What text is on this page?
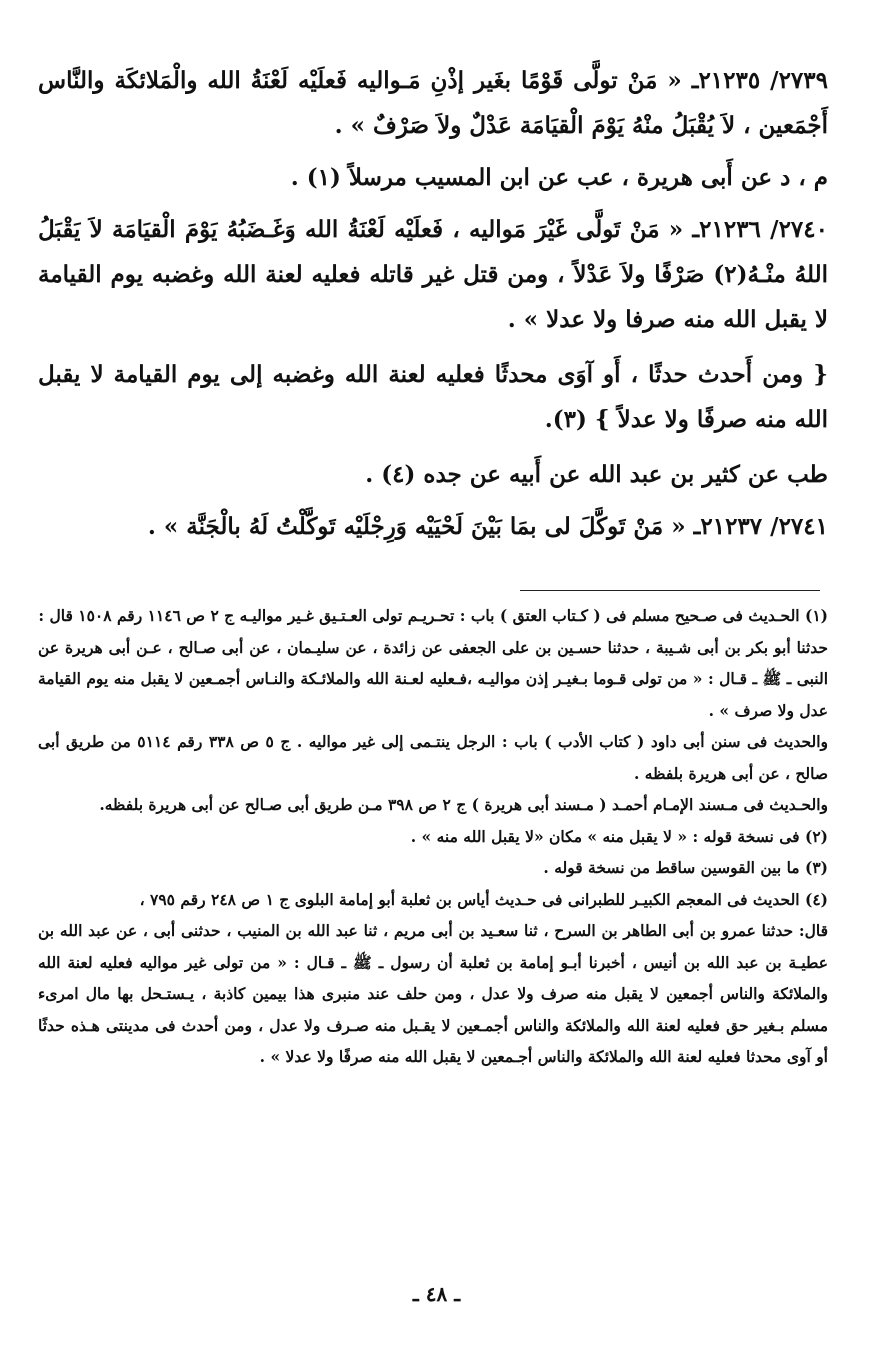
٢٧٣٩/ ٢١٢٣٥ـ « مَنْ تولَّى قَوْمًا بغَير إذْنِ مَـواليه فَعلَيْه لَعْنَةُ الله والْمَلائكَة والنَّاس أَجْمَعين ، لاَ يُقْبَلُ منْهُ يَوْمَ الْقيَامَة عَدْلٌ ولاَ صَرْفٌ » .

م ، د عن أَبى هريرة ، عب عن ابن المسيب مرسلاً (١) .

٢٧٤٠/ ٢١٢٣٦ـ « مَنْ تَولَّى غَيْرَ مَواليه ، فَعلَيْه لَعْنَةُ الله وَغَـضَبُهُ يَوْمَ الْقيَامَة لاَ يَقْبَلُ اللهُ منْـهُ(٢) صَرْفًا ولاَ عَدْلاً ، ومن قتل غير قاتله فعليه لعنة الله وغضبه يوم القيامة لا يقبل الله منه صرفا ولا عدلا » .

{ ومن أَحدث حدثًا ، أَو آوَى محدثًا فعليه لعنة الله وغضبه إلى يوم القيامة لا يقبل الله منه صرفًا ولا عدلاً } (٣).

طب عن كثير بن عبد الله عن أَبيه عن جده (٤) .

٢٧٤١/ ٢١٢٣٧ـ « مَنْ تَوكَّلَ لى بمَا بَيْنَ لَحْيَيْه وَرِجْلَيْه تَوكَّلْتُ لَهُ بالْجَنَّة » .

(١) الحـديث فى صـحيح مسلم فى ( كـتاب العتق ) باب : تحـريـم تولى العـتـيق غـير مواليـه ج ٢ ص ١١٤٦ رقم ١٥٠٨ قال :

حدثنا أبو بكر بن أبى شـيبة ، حدثنا حسـين بن على الجعفى عن زائدة ، عن سليـمان ، عن أبى صـالح ، عـن أبى هريرة عن النبى ـ ﷺ ـ قـال : « من تولى قـوما بـغيـر إذن مواليـه ،فـعليه لعـنة الله والملائـكة والنـاس أجمـعين لا يقبل منه يوم القيامة عدل ولا صرف » .

والحديث فى سنن أبى داود ( كتاب الأدب ) باب : الرجل ينتـمى إلى غير مواليه . ج ٥ ص ٣٣٨ رقم ٥١١٤ من طريق أبى صالح ، عن أبى هريرة بلفظه .

والحـديث فى مـسند الإمـام أحمـد ( مـسند أبى هريرة ) ج ٢ ص ٣٩٨ مـن طريق أبى صـالح عن أبى هريرة بلفظه.

(٢) فى نسخة قوله : « لا يقبل منه » مكان «لا يقبل الله منه » .

(٣) ما بين القوسين ساقط من نسخة قوله .

(٤) الحديث فى المعجم الكبيـر للطبرانى فى حـديث أياس بن ثعلبة أبو إمامة البلوى ج ١ ص ٢٤٨ رقم ٧٩٥ ،

قال: حدثنا عمرو بن أبى الطاهر بن السرح ، ثنا سعـيد بن أبى مريم ، ثنا عبد الله بن المنيب ، حدثنى أبى ، عن عبد الله بن عطيـة بن عبد الله بن أنيس ، أخبرنا أبـو إمامة بن ثعلبة أن رسول ـ ﷺ ـ قـال : « من تولى غير مواليه فعليه لعنة الله والملائكة والناس أجمعين لا يقبل منه صرف ولا عدل ، ومن حلف عند منبرى هذا بيمين كاذبة ، يـستـحل بها مال امرىء مسلم بـغير حق فعليه لعنة الله والملائكة والناس أجمـعين لا يقـبل منه صـرف ولا عدل ، ومن أحدث فى مدينتى هـذه حدثًا أو آوى محدثا فعليه لعنة الله والملائكة والناس أجـمعين لا يقبل الله منه صرفًا ولا عدلا » .

ـ ٤٨ ـ
